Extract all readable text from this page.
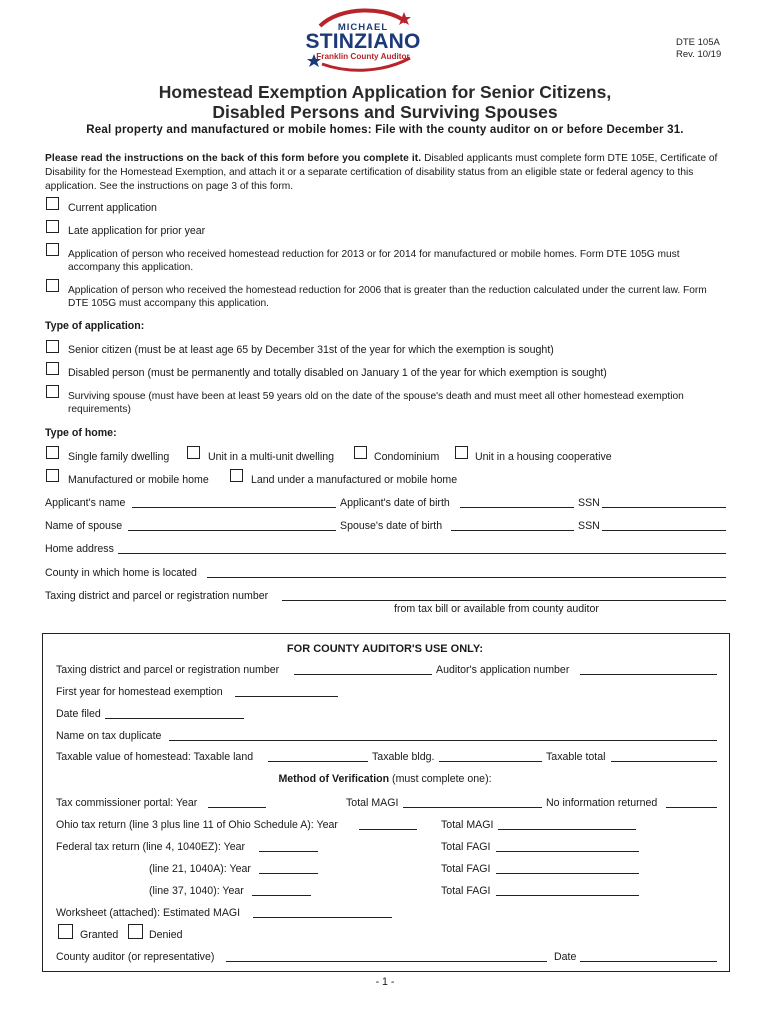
MICHAEL
STINZIANO
Franklin County Auditor
DTE 105A
Rev. 10/19
Homestead Exemption Application for Senior Citizens,
Disabled Persons and Surviving Spouses
Real property and manufactured or mobile homes: File with the county auditor on or before December 31.
Please read the instructions on the back of this form before you complete it. Disabled applicants must complete form DTE 105E, Certificate of Disability for the Homestead Exemption, and attach it or a separate certification of disability status from an eligible state or federal agency to this application. See the instructions on page 3 of this form.
Current application
Late application for prior year
Application of person who received homestead reduction for 2013 or for 2014 for manufactured or mobile homes. Form DTE 105G must accompany this application.
Application of person who received the homestead reduction for 2006 that is greater than the reduction calculated under the current law. Form DTE 105G must accompany this application.
Type of application:
Senior citizen (must be at least age 65 by December 31st of the year for which the exemption is sought)
Disabled person (must be permanently and totally disabled on January 1 of the year for which exemption is sought)
Surviving spouse (must have been at least 59 years old on the date of the spouse's death and must meet all other homestead exemption requirements)
Type of home:
Single family dwelling	Unit in a multi-unit dwelling	Condominium	Unit in a housing cooperative
Manufactured or mobile home	Land under a manufactured or mobile home
Applicant's name	Applicant's date of birth	SSN
Name of spouse	Spouse's date of birth	SSN
Home address
County in which home is located
Taxing district and parcel or registration number
from tax bill or available from county auditor
FOR COUNTY AUDITOR'S USE ONLY:
Taxing district and parcel or registration number	Auditor's application number
First year for homestead exemption
Date filed
Name on tax duplicate
Taxable value of homestead: Taxable land	Taxable bldg.	Taxable total
Method of Verification (must complete one):
Tax commissioner portal: Year	Total MAGI	No information returned
Ohio tax return (line 3 plus line 11 of Ohio Schedule A): Year	Total MAGI
Federal tax return (line 4, 1040EZ): Year	Total FAGI
(line 21, 1040A): Year	Total FAGI
(line 37, 1040): Year	Total FAGI
Worksheet (attached): Estimated MAGI
Granted	Denied
County auditor (or representative)	Date
- 1 -
